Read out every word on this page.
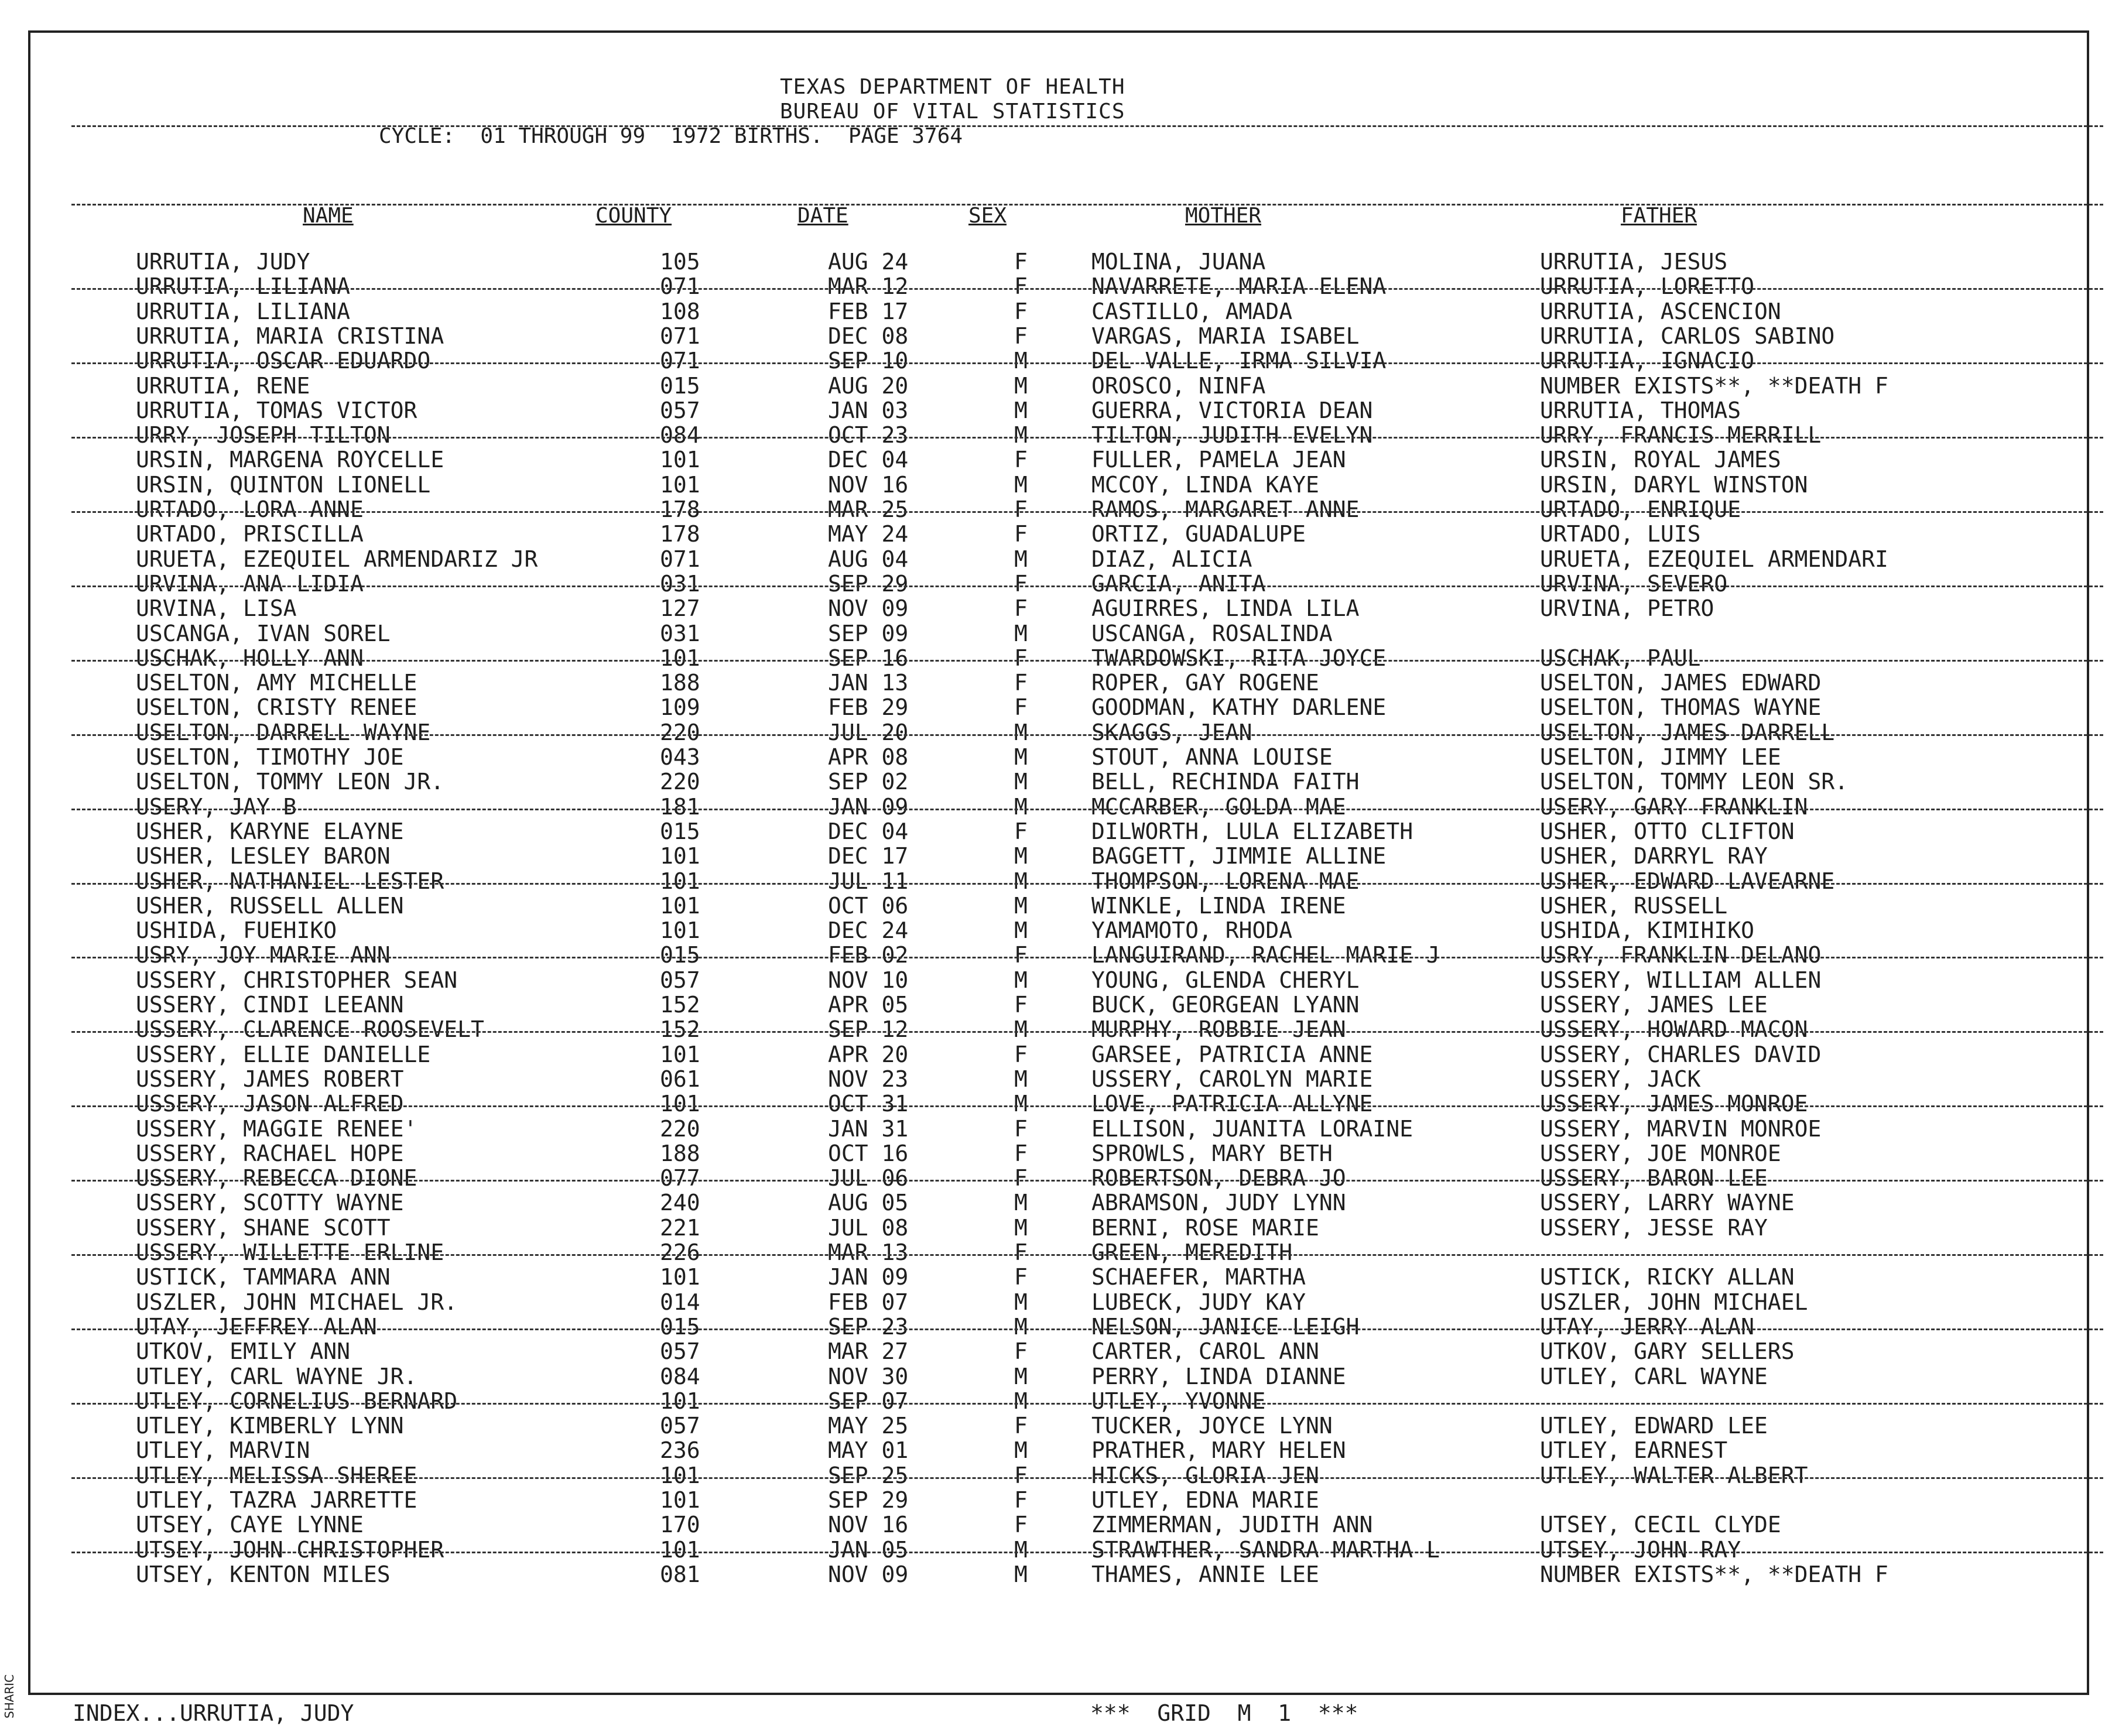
TEXAS DEPARTMENT OF HEALTH
BUREAU OF VITAL STATISTICS
CYCLE:  01 THROUGH 99  1972 BIRTHS.  PAGE 3764
NAME	COUNTY	DATE	SEX	MOTHER	FATHER
URRUTIA, JUDY	105	AUG 24	F	MOLINA, JUANA	URRUTIA, JESUS
URRUTIA, LILIANA	071	MAR 12	F	NAVARRETE, MARIA ELENA	URRUTIA, LORETTO
URRUTIA, LILIANA	108	FEB 17	F	CASTILLO, AMADA	URRUTIA, ASCENCION
URRUTIA, MARIA CRISTINA	071	DEC 08	F	VARGAS, MARIA ISABEL	URRUTIA, CARLOS SABINO
URRUTIA, OSCAR EDUARDO	071	SEP 10	M	DEL VALLE, IRMA SILVIA	URRUTIA, IGNACIO
URRUTIA, RENE	015	AUG 20	M	OROSCO, NINFA	NUMBER EXISTS**, **DEATH F
URRUTIA, TOMAS VICTOR	057	JAN 03	M	GUERRA, VICTORIA DEAN	URRUTIA, THOMAS
URRY, JOSEPH TILTON	084	OCT 23	M	TILTON, JUDITH EVELYN	URRY, FRANCIS MERRILL
URSIN, MARGENA ROYCELLE	101	DEC 04	F	FULLER, PAMELA JEAN	URSIN, ROYAL JAMES
URSIN, QUINTON LIONELL	101	NOV 16	M	MCCOY, LINDA KAYE	URSIN, DARYL WINSTON
URTADO, LORA ANNE	178	MAR 25	F	RAMOS, MARGARET ANNE	URTADO, ENRIQUE
URTADO, PRISCILLA	178	MAY 24	F	ORTIZ, GUADALUPE	URTADO, LUIS
URUETA, EZEQUIEL ARMENDARIZ JR	071	AUG 04	M	DIAZ, ALICIA	URUETA, EZEQUIEL ARMENDARI
URVINA, ANA LIDIA	031	SEP 29	F	GARCIA, ANITA	URVINA, SEVERO
URVINA, LISA	127	NOV 09	F	AGUIRRES, LINDA LILA	URVINA, PETRO
USCANGA, IVAN SOREL	031	SEP 09	M	USCANGA, ROSALINDA
USCHAK, HOLLY ANN	101	SEP 16	F	TWARDOWSKI, RITA JOYCE	USCHAK, PAUL
USELTON, AMY MICHELLE	188	JAN 13	F	ROPER, GAY ROGENE	USELTON, JAMES EDWARD
USELTON, CRISTY RENEE	109	FEB 29	F	GOODMAN, KATHY DARLENE	USELTON, THOMAS WAYNE
USELTON, DARRELL WAYNE	220	JUL 20	M	SKAGGS, JEAN	USELTON, JAMES DARRELL
USELTON, TIMOTHY JOE	043	APR 08	M	STOUT, ANNA LOUISE	USELTON, JIMMY LEE
USELTON, TOMMY LEON JR.	220	SEP 02	M	BELL, RECHINDA FAITH	USELTON, TOMMY LEON SR.
USERY, JAY B	181	JAN 09	M	MCCARBER, GOLDA MAE	USERY, GARY FRANKLIN
USHER, KARYNE ELAYNE	015	DEC 04	F	DILWORTH, LULA ELIZABETH	USHER, OTTO CLIFTON
USHER, LESLEY BARON	101	DEC 17	M	BAGGETT, JIMMIE ALLINE	USHER, DARRYL RAY
USHER, NATHANIEL LESTER	101	JUL 11	M	THOMPSON, LORENA MAE	USHER, EDWARD LAVEARNE
USHER, RUSSELL ALLEN	101	OCT 06	M	WINKLE, LINDA IRENE	USHER, RUSSELL
USHIDA, FUEHIKO	101	DEC 24	M	YAMAMOTO, RHODA	USHIDA, KIMIHIKO
USRY, JOY MARIE ANN	015	FEB 02	F	LANGUIRAND, RACHEL MARIE J	USRY, FRANKLIN DELANO
USSERY, CHRISTOPHER SEAN	057	NOV 10	M	YOUNG, GLENDA CHERYL	USSERY, WILLIAM ALLEN
USSERY, CINDI LEEANN	152	APR 05	F	BUCK, GEORGEAN LYANN	USSERY, JAMES LEE
USSERY, CLARENCE ROOSEVELT	152	SEP 12	M	MURPHY, ROBBIE JEAN	USSERY, HOWARD MACON
USSERY, ELLIE DANIELLE	101	APR 20	F	GARSEE, PATRICIA ANNE	USSERY, CHARLES DAVID
USSERY, JAMES ROBERT	061	NOV 23	M	USSERY, CAROLYN MARIE	USSERY, JACK
USSERY, JASON ALFRED	101	OCT 31	M	LOVE, PATRICIA ALLYNE	USSERY, JAMES MONROE
USSERY, MAGGIE RENEE'	220	JAN 31	F	ELLISON, JUANITA LORAINE	USSERY, MARVIN MONROE
USSERY, RACHAEL HOPE	188	OCT 16	F	SPROWLS, MARY BETH	USSERY, JOE MONROE
USSERY, REBECCA DIONE	077	JUL 06	F	ROBERTSON, DEBRA JO	USSERY, BARON LEE
USSERY, SCOTTY WAYNE	240	AUG 05	M	ABRAMSON, JUDY LYNN	USSERY, LARRY WAYNE
USSERY, SHANE SCOTT	221	JUL 08	M	BERNI, ROSE MARIE	USSERY, JESSE RAY
USSERY, WILLETTE ERLINE	226	MAR 13	F	GREEN, MEREDITH
USTICK, TAMMARA ANN	101	JAN 09	F	SCHAEFER, MARTHA	USTICK, RICKY ALLAN
USZLER, JOHN MICHAEL JR.	014	FEB 07	M	LUBECK, JUDY KAY	USZLER, JOHN MICHAEL
UTAY, JEFFREY ALAN	015	SEP 23	M	NELSON, JANICE LEIGH	UTAY, JERRY ALAN
UTKOV, EMILY ANN	057	MAR 27	F	CARTER, CAROL ANN	UTKOV, GARY SELLERS
UTLEY, CARL WAYNE JR.	084	NOV 30	M	PERRY, LINDA DIANNE	UTLEY, CARL WAYNE
UTLEY, CORNELIUS BERNARD	101	SEP 07	M	UTLEY, YVONNE
UTLEY, KIMBERLY LYNN	057	MAY 25	F	TUCKER, JOYCE LYNN	UTLEY, EDWARD LEE
UTLEY, MARVIN	236	MAY 01	M	PRATHER, MARY HELEN	UTLEY, EARNEST
UTLEY, MELISSA SHEREE	101	SEP 25	F	HICKS, GLORIA JEN	UTLEY, WALTER ALBERT
UTLEY, TAZRA JARRETTE	101	SEP 29	F	UTLEY, EDNA MARIE
UTSEY, CAYE LYNNE	170	NOV 16	F	ZIMMERMAN, JUDITH ANN	UTSEY, CECIL CLYDE
UTSEY, JOHN CHRISTOPHER	101	JAN 05	M	STRAWTHER, SANDRA MARTHA L	UTSEY, JOHN RAY
UTSEY, KENTON MILES	081	NOV 09	M	THAMES, ANNIE LEE	NUMBER EXISTS**, **DEATH F
INDEX...URRUTIA, JUDY	***  GRID  M  1  ***
SHARIC
